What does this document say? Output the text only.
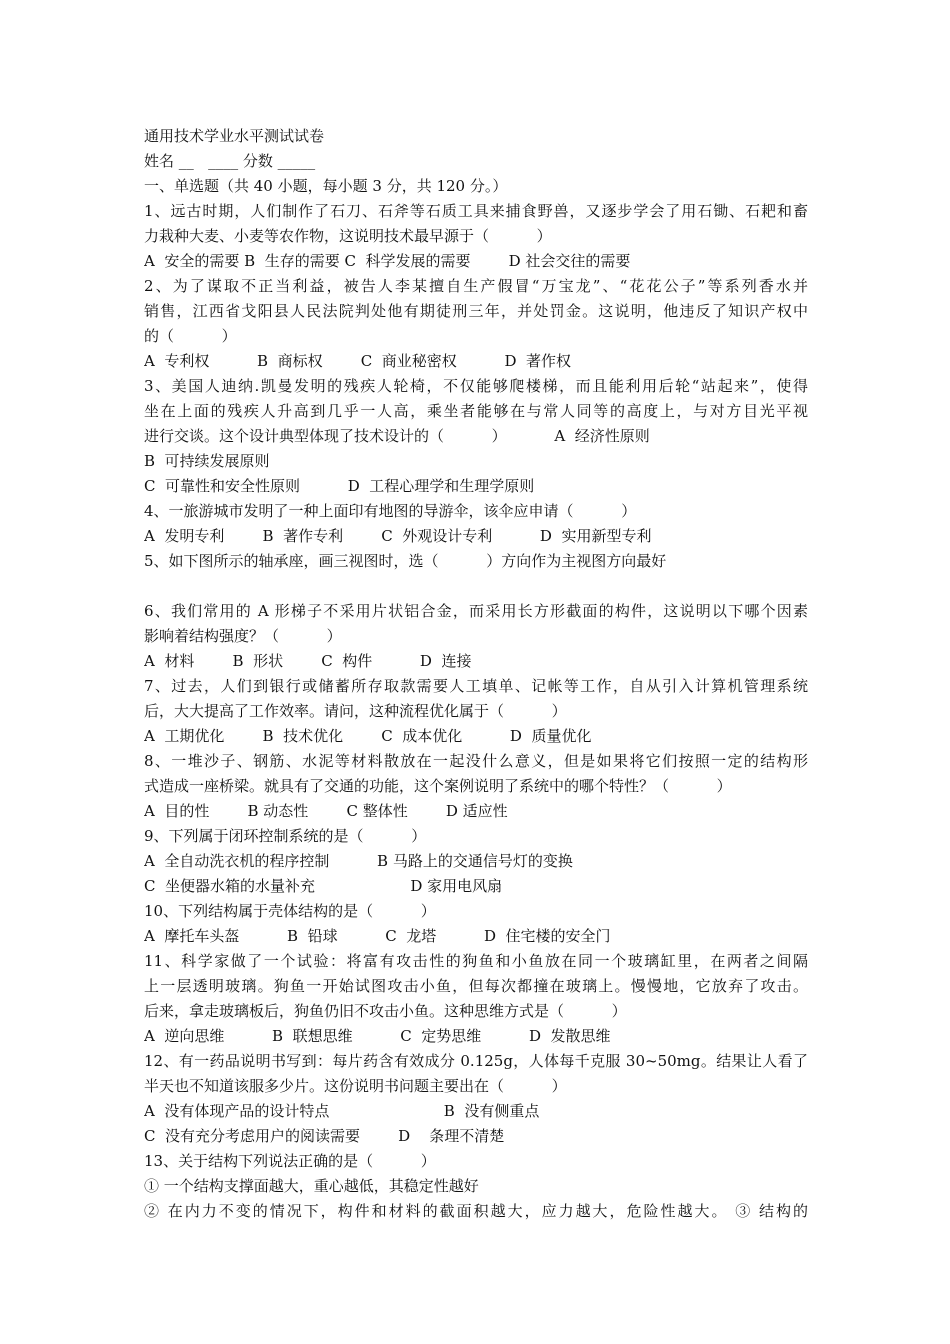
通用技术学业水平测试试卷
姓名 __   ____ 分数 _____
一、单选题（共 40 小题，每小题 3 分，共 120 分。）
1、远古时期，人们制作了石刀、石斧等石质工具来捕食野兽，又逐步学会了用石锄、石耙和畜
力栽种大麦、小麦等农作物，这说明技术最早源于（          ）
A  安全的需要 B  生存的需要 C  科学发展的需要        D 社会交往的需要
2、为了谋取不正当利益，被告人李某擅自生产假冒“万宝龙”、“花花公子”等系列香水并
销售，江西省戈阳县人民法院判处他有期徒刑三年，并处罚金。这说明，他违反了知识产权中
的（          ）
A  专利权          B  商标权        C  商业秘密权          D  著作权
3、美国人迪纳.凯曼发明的残疾人轮椅，不仅能够爬楼梯，而且能利用后轮“站起来”，使得
坐在上面的残疾人升高到几乎一人高，乘坐者能够在与常人同等的高度上，与对方目光平视
进行交谈。这个设计典型体现了技术设计的（          ）          A  经济性原则
B  可持续发展原则
C  可靠性和安全性原则          D  工程心理学和生理学原则
4、一旅游城市发明了一种上面印有地图的导游伞，该伞应申请（          ）
A  发明专利        B  著作专利        C  外观设计专利          D  实用新型专利
5、如下图所示的轴承座，画三视图时，选（          ）方向作为主视图方向最好
6、我们常用的 A 形梯子不采用片状铝合金，而采用长方形截面的构件，这说明以下哪个因素
影响着结构强度？（          ）
A  材料        B  形状        C  构件          D  连接
7、过去，人们到银行或储蓄所存取款需要人工填单、记帐等工作，自从引入计算机管理系统
后，大大提高了工作效率。请问，这种流程优化属于（          ）
A  工期优化        B  技术优化        C  成本优化          D  质量优化
8、一堆沙子、钢筋、水泥等材料散放在一起没什么意义，但是如果将它们按照一定的结构形
式造成一座桥梁。就具有了交通的功能，这个案例说明了系统中的哪个特性？（          ）
A  目的性        B 动态性        C 整体性        D 适应性
9、下列属于闭环控制系统的是（          ）
A  全自动洗衣机的程序控制          B 马路上的交通信号灯的变换
C  坐便器水箱的水量补充                    D 家用电风扇
10、下列结构属于壳体结构的是（          ）
A  摩托车头盔          B  铅球          C  龙塔          D  住宅楼的安全门
11、科学家做了一个试验：将富有攻击性的狗鱼和小鱼放在同一个玻璃缸里，在两者之间隔
上一层透明玻璃。狗鱼一开始试图攻击小鱼，但每次都撞在玻璃上。慢慢地，它放弃了攻击。
后来，拿走玻璃板后，狗鱼仍旧不攻击小鱼。这种思维方式是（          ）
A  逆向思维          B  联想思维          C  定势思维          D  发散思维
12、有一药品说明书写到：每片药含有效成分 0.125g，人体每千克服 30~50mg。结果让人看了
半天也不知道该服多少片。这份说明书问题主要出在（          ）
A  没有体现产品的设计特点                        B  没有侧重点
C  没有充分考虑用户的阅读需要        D    条理不清楚
13、关于结构下列说法正确的是（          ）
① 一个结构支撑面越大，重心越低，其稳定性越好
② 在内力不变的情况下，构件和材料的截面积越大，应力越大，危险性越大。 ③ 结构的
